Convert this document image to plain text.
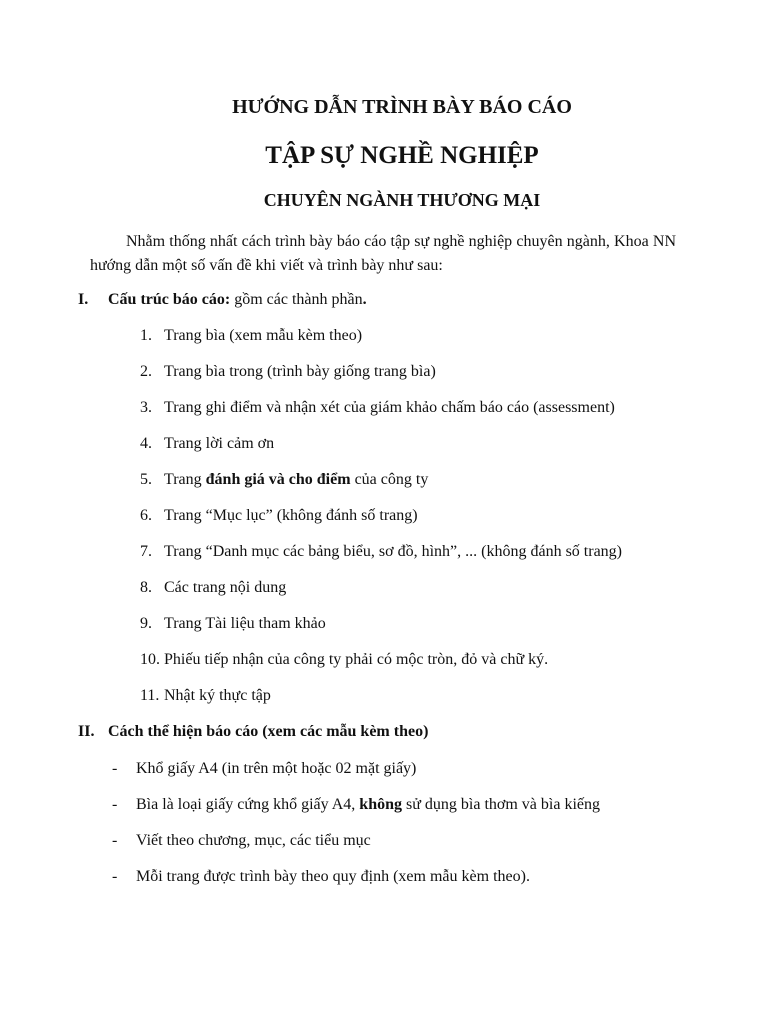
HƯỚNG DẪN TRÌNH BÀY BÁO CÁO
TẬP SỰ NGHỀ NGHIỆP
CHUYÊN NGÀNH THƯƠNG MẠI
Nhằm thống nhất cách trình bày báo cáo tập sự nghề nghiệp chuyên ngành, Khoa NN hướng dẫn một số vấn đề khi viết và trình bày như sau:
I. Cấu trúc báo cáo: gồm các thành phần.
1. Trang bìa (xem mẫu kèm theo)
2. Trang bìa trong (trình bày giống trang bìa)
3. Trang ghi điểm và nhận xét của giám khảo chấm báo cáo (assessment)
4. Trang lời cảm ơn
5. Trang đánh giá và cho điểm của công ty
6. Trang “Mục lục” (không đánh số trang)
7. Trang “Danh mục các bảng biểu, sơ đồ, hình”, ... (không đánh số trang)
8. Các trang nội dung
9. Trang Tài liệu tham khảo
10. Phiếu tiếp nhận của công ty phải có mộc tròn, đỏ và chữ ký.
11. Nhật ký thực tập
II. Cách thể hiện báo cáo (xem các mẫu kèm theo)
- Khổ giấy A4 (in trên một hoặc 02 mặt giấy)
- Bìa là loại giấy cứng khổ giấy A4, không sử dụng bìa thơm và bìa kiếng
- Viết theo chương, mục, các tiểu mục
- Mỗi trang được trình bày theo quy định (xem mẫu kèm theo).
